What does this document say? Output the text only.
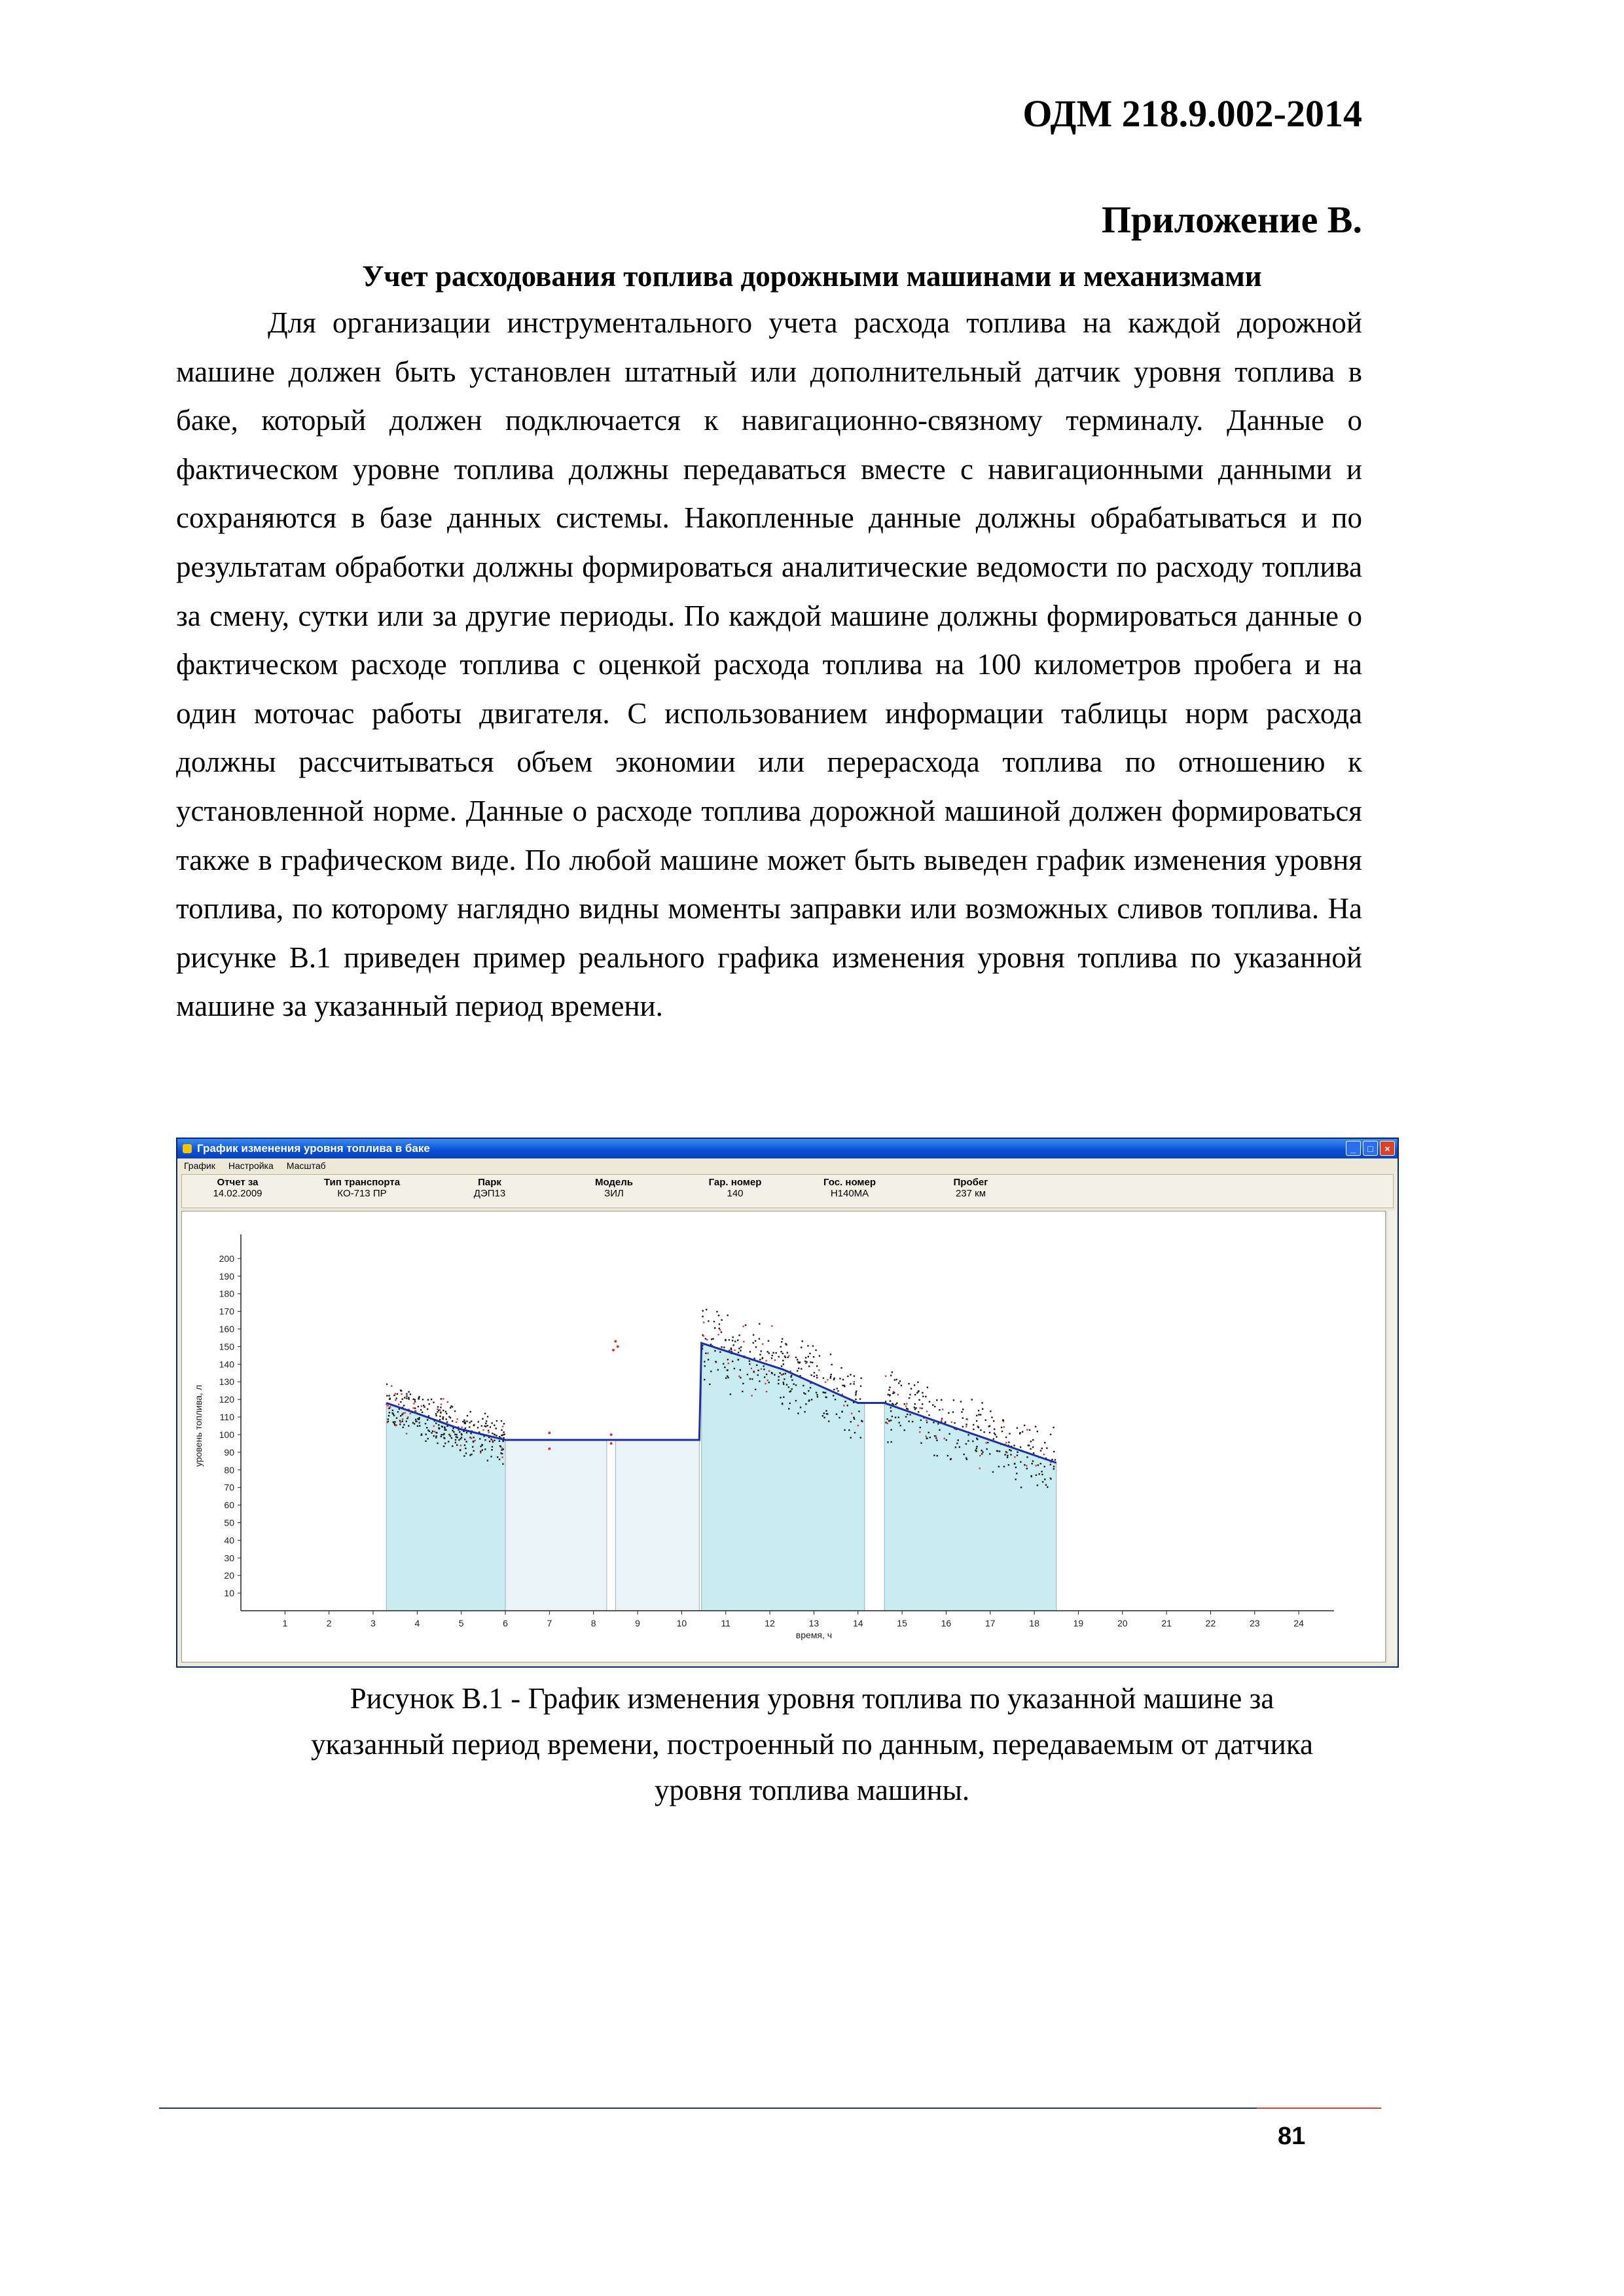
ОДМ 218.9.002-2014
Приложение В.
Учет расходования топлива дорожными машинами и механизмами

Для организации инструментального учета расхода топлива на каждой дорожной машине должен быть установлен штатный или дополнительный датчик уровня топлива в баке, который должен подключается к навигационно-связному терминалу. Данные о фактическом уровне топлива должны передаваться вместе с навигационными данными и сохраняются в базе данных системы. Накопленные данные должны обрабатываться и по результатам обработки должны формироваться аналитические ведомости по расходу топлива за смену, сутки или за другие периоды. По каждой машине должны формироваться данные о фактическом расходе топлива с оценкой расхода топлива на 100 километров пробега и на один моточас работы двигателя. С использованием информации таблицы норм расхода должны рассчитываться объем экономии или перерасхода топлива по отношению к установленной норме. Данные о расходе топлива дорожной машиной должен формироваться также в графическом виде. По любой машине может быть выведен график изменения уровня топлива, по которому наглядно видны моменты заправки или возможных сливов топлива. На рисунке В.1 приведен пример реального графика изменения уровня топлива по указанной машине за указанный период времени.

График изменения уровня топлива в баке	_	□	×
График Настройка Масштаб
Отчет за
14.02.2009
Тип транспорта
КО-713 ПР
Парк
ДЭП13
Модель
ЗИЛ
Гар. номер
140
Гос. номер
Н140МА
Пробег
237 км
1	2	3	4	5	6	7	8	9	10	11	12	13	14	15	16	17	18	19	20	21	22	23	24
10
20
30
40
50
60
70
80
90
100
110
120
130
140
150
160
170
180
190
200
время, ч
уровень топлива, л
Рисунок В.1 - График изменения уровня топлива по указанной машине за
указанный период времени, построенный по данным, передаваемым от датчика
уровня топлива машины.
81
